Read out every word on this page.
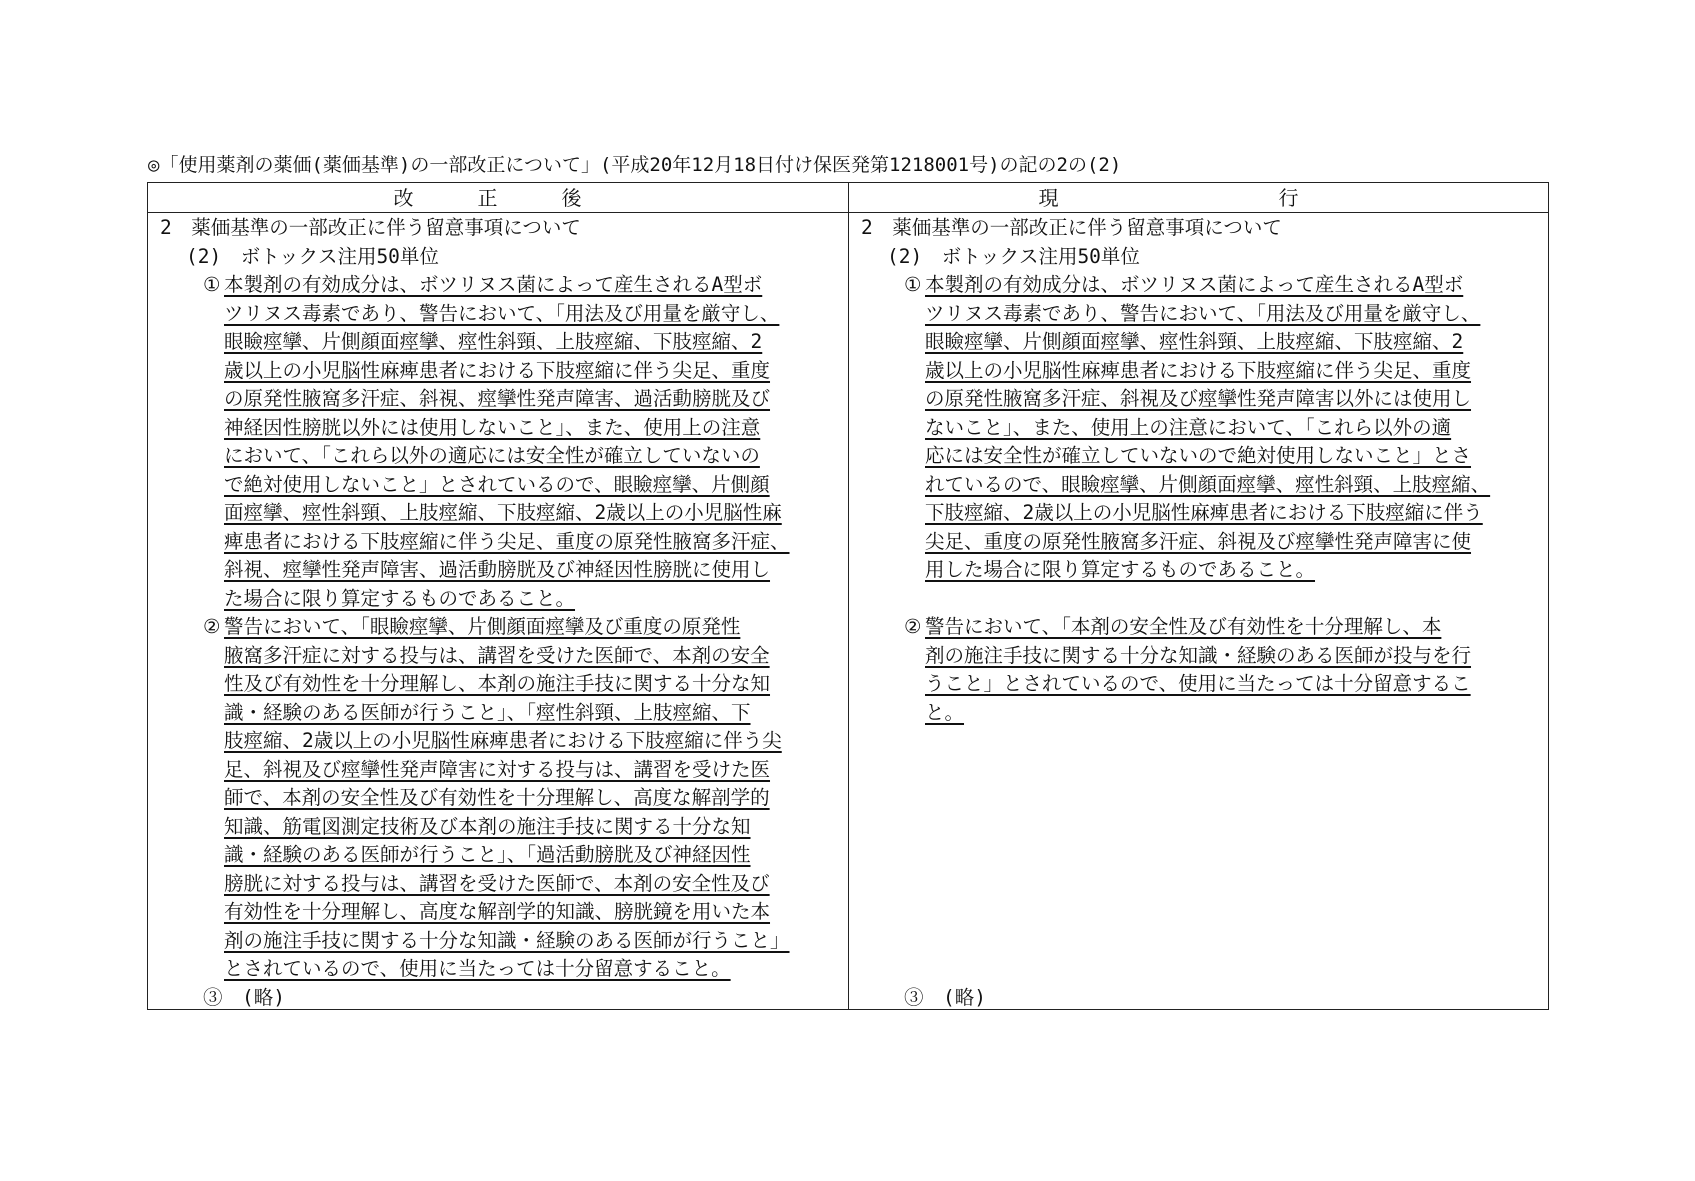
◎「使用薬剤の薬価(薬価基準)の一部改正について」(平成20年12月18日付け保医発第1218001号)の記の2の(2)
改　正　後	現　　行
2　薬価基準の一部改正に伴う留意事項について
(2)　ボトックス注用50単位
① 本製剤の有効成分は、ボツリヌス菌によって産生されるA型ボ
ツリヌス毒素であり、警告において、「用法及び用量を厳守し、
眼瞼痙攣、片側顔面痙攣、痙性斜頸、上肢痙縮、下肢痙縮、2
歳以上の小児脳性麻痺患者における下肢痙縮に伴う尖足、重度
の原発性腋窩多汗症、斜視、痙攣性発声障害、過活動膀胱及び
神経因性膀胱以外には使用しないこと」、また、使用上の注意
において、「これら以外の適応には安全性が確立していないの
で絶対使用しないこと」とされているので、眼瞼痙攣、片側顔
面痙攣、痙性斜頸、上肢痙縮、下肢痙縮、2歳以上の小児脳性麻
痺患者における下肢痙縮に伴う尖足、重度の原発性腋窩多汗症、
斜視、痙攣性発声障害、過活動膀胱及び神経因性膀胱に使用し
た場合に限り算定するものであること。
② 警告において、「眼瞼痙攣、片側顔面痙攣及び重度の原発性
腋窩多汗症に対する投与は、講習を受けた医師で、本剤の安全
性及び有効性を十分理解し、本剤の施注手技に関する十分な知
識・経験のある医師が行うこと」、「痙性斜頸、上肢痙縮、下
肢痙縮、2歳以上の小児脳性麻痺患者における下肢痙縮に伴う尖
足、斜視及び痙攣性発声障害に対する投与は、講習を受けた医
師で、本剤の安全性及び有効性を十分理解し、高度な解剖学的
知識、筋電図測定技術及び本剤の施注手技に関する十分な知
識・経験のある医師が行うこと」、「過活動膀胱及び神経因性
膀胱に対する投与は、講習を受けた医師で、本剤の安全性及び
有効性を十分理解し、高度な解剖学的知識、膀胱鏡を用いた本
剤の施注手技に関する十分な知識・経験のある医師が行うこと」
とされているので、使用に当たっては十分留意すること。
③　(略)
2　薬価基準の一部改正に伴う留意事項について
(2)　ボトックス注用50単位
① 本製剤の有効成分は、ボツリヌス菌によって産生されるA型ボ
ツリヌス毒素であり、警告において、「用法及び用量を厳守し、
眼瞼痙攣、片側顔面痙攣、痙性斜頸、上肢痙縮、下肢痙縮、2
歳以上の小児脳性麻痺患者における下肢痙縮に伴う尖足、重度
の原発性腋窩多汗症、斜視及び痙攣性発声障害以外には使用し
ないこと」、また、使用上の注意において、「これら以外の適
応には安全性が確立していないので絶対使用しないこと」とさ
れているので、眼瞼痙攣、片側顔面痙攣、痙性斜頸、上肢痙縮、
下肢痙縮、2歳以上の小児脳性麻痺患者における下肢痙縮に伴う
尖足、重度の原発性腋窩多汗症、斜視及び痙攣性発声障害に使
用した場合に限り算定するものであること。
② 警告において、「本剤の安全性及び有効性を十分理解し、本
剤の施注手技に関する十分な知識・経験のある医師が投与を行
うこと」とされているので、使用に当たっては十分留意するこ
と。
③　(略)
